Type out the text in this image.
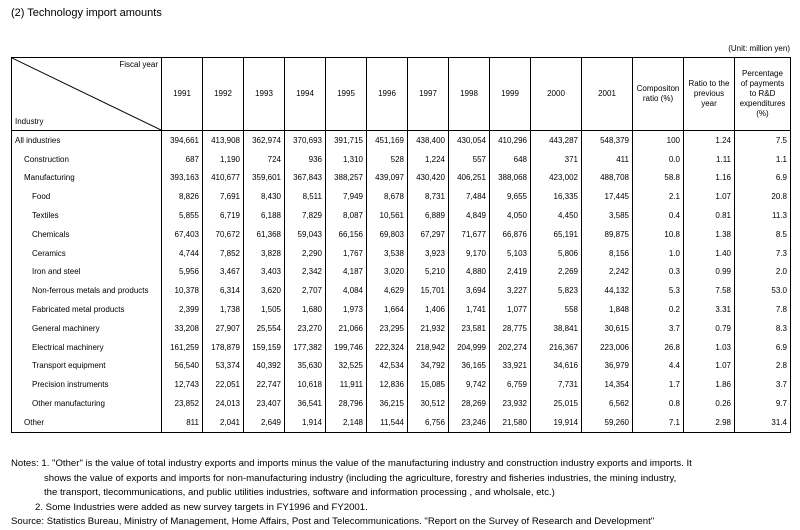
(2) Technology import amounts
(Unit: million yen)
Fiscal year
Industry	1991	1992	1993	1994	1995	1996	1997	1998	1999	2000	2001	Compositon ratio (%)	Ratio to the previous year	Percentage of payments to R&D expenditures (%)
All industries	394,661	413,908	362,974	370,693	391,715	451,169	438,400	430,054	410,296	443,287	548,379	100	1.24	7.5
Construction	687	1,190	724	936	1,310	528	1,224	557	648	371	411	0.0	1.11	1.1
Manufacturing	393,163	410,677	359,601	367,843	388,257	439,097	430,420	406,251	388,068	423,002	488,708	58.8	1.16	6.9
Food	8,826	7,691	8,430	8,511	7,949	8,678	8,731	7,484	9,655	16,335	17,445	2.1	1.07	20.8
Textiles	5,855	6,719	6,188	7,829	8,087	10,561	6,889	4,849	4,050	4,450	3,585	0.4	0.81	11.3
Chemicals	67,403	70,672	61,368	59,043	66,156	69,803	67,297	71,677	66,876	65,191	89,875	10.8	1.38	8.5
Ceramics	4,744	7,852	3,828	2,290	1,767	3,538	3,923	9,170	5,103	5,806	8,156	1.0	1.40	7.3
Iron and steel	5,956	3,467	3,403	2,342	4,187	3,020	5,210	4,880	2,419	2,269	2,242	0.3	0.99	2.0
Non-ferrous metals and products	10,378	6,314	3,620	2,707	4,084	4,629	15,701	3,694	3,227	5,823	44,132	5.3	7.58	53.0
Fabricated metal products	2,399	1,738	1,505	1,680	1,973	1,664	1,406	1,741	1,077	558	1,848	0.2	3.31	7.8
General machinery	33,208	27,907	25,554	23,270	21,066	23,295	21,932	23,581	28,775	38,841	30,615	3.7	0.79	8.3
Electrical machinery	161,259	178,879	159,159	177,382	199,746	222,324	218,942	204,999	202,274	216,367	223,006	26.8	1.03	6.9
Transport equipment	56,540	53,374	40,392	35,630	32,525	42,534	34,792	36,165	33,921	34,616	36,979	4.4	1.07	2.8
Precision instruments	12,743	22,051	22,747	10,618	11,911	12,836	15,085	9,742	6,759	7,731	14,354	1.7	1.86	3.7
Other manufacturing	23,852	24,013	23,407	36,541	28,796	36,215	30,512	28,269	23,932	25,015	6,562	0.8	0.26	9.7
Other	811	2,041	2,649	1,914	2,148	11,544	6,756	23,246	21,580	19,914	59,260	7.1	2.98	31.4

Notes: 1. "Other" is the value of total industry exports and imports minus the value of the manufacturing industry and construction industry exports and imports. It

shows the value of exports and imports for non-manufacturing industry (including the agriculture, forestry and fisheries industries, the mining industry,

the transport, tlecommunications, and public utilities industries, software and information processing , and wholsale, etc.)

2. Some Industries were added as new survey targets in FY1996 and FY2001.

Source: Statistics Bureau, Ministry of Management, Home Affairs, Post and Telecommunications. "Report on the Survey of Research and Development"
